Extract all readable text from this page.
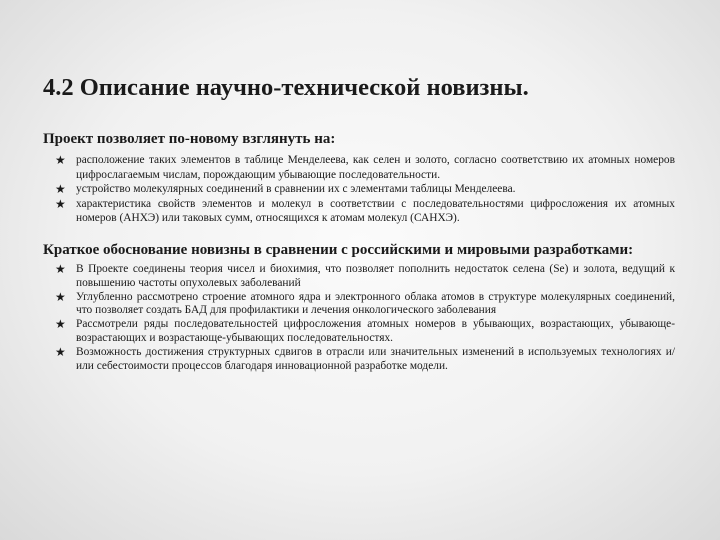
4.2 Описание научно-технической новизны.
Проект позволяет по-новому взглянуть на:
★ расположение таких элементов в таблице Менделеева, как селен и золото, согласно соответствию их атомных номеров цифрослагаемым числам, порождающим убывающие последовательности.
★ устройство молекулярных соединений в сравнении их с элементами таблицы Менделеева.
★ характеристика свойств элементов и молекул в соответствии с последовательностями цифросложения их атомных номеров (АНХЭ) или таковых сумм, относящихся к атомам молекул (САНХЭ).
Краткое обоснование новизны в сравнении с российскими и мировыми разработками:
★ В Проекте соединены теория чисел и биохимия, что позволяет пополнить недостаток селена (Se) и золота, ведущий к повышению частоты опухолевых заболеваний
★ Углубленно рассмотрено строение атомного ядра и электронного облака атомов в структуре молекулярных соединений, что позволяет создать БАД для профилактики и лечения онкологического заболевания
★ Рассмотрели ряды последовательностей цифросложения атомных номеров в убывающих, возрастающих, убывающе-возрастающих и возрастающе-убывающих последовательностях.
★ Возможность достижения структурных сдвигов в отрасли или значительных изменений в используемых технологиях и/или себестоимости процессов благодаря инновационной разработке модели.
